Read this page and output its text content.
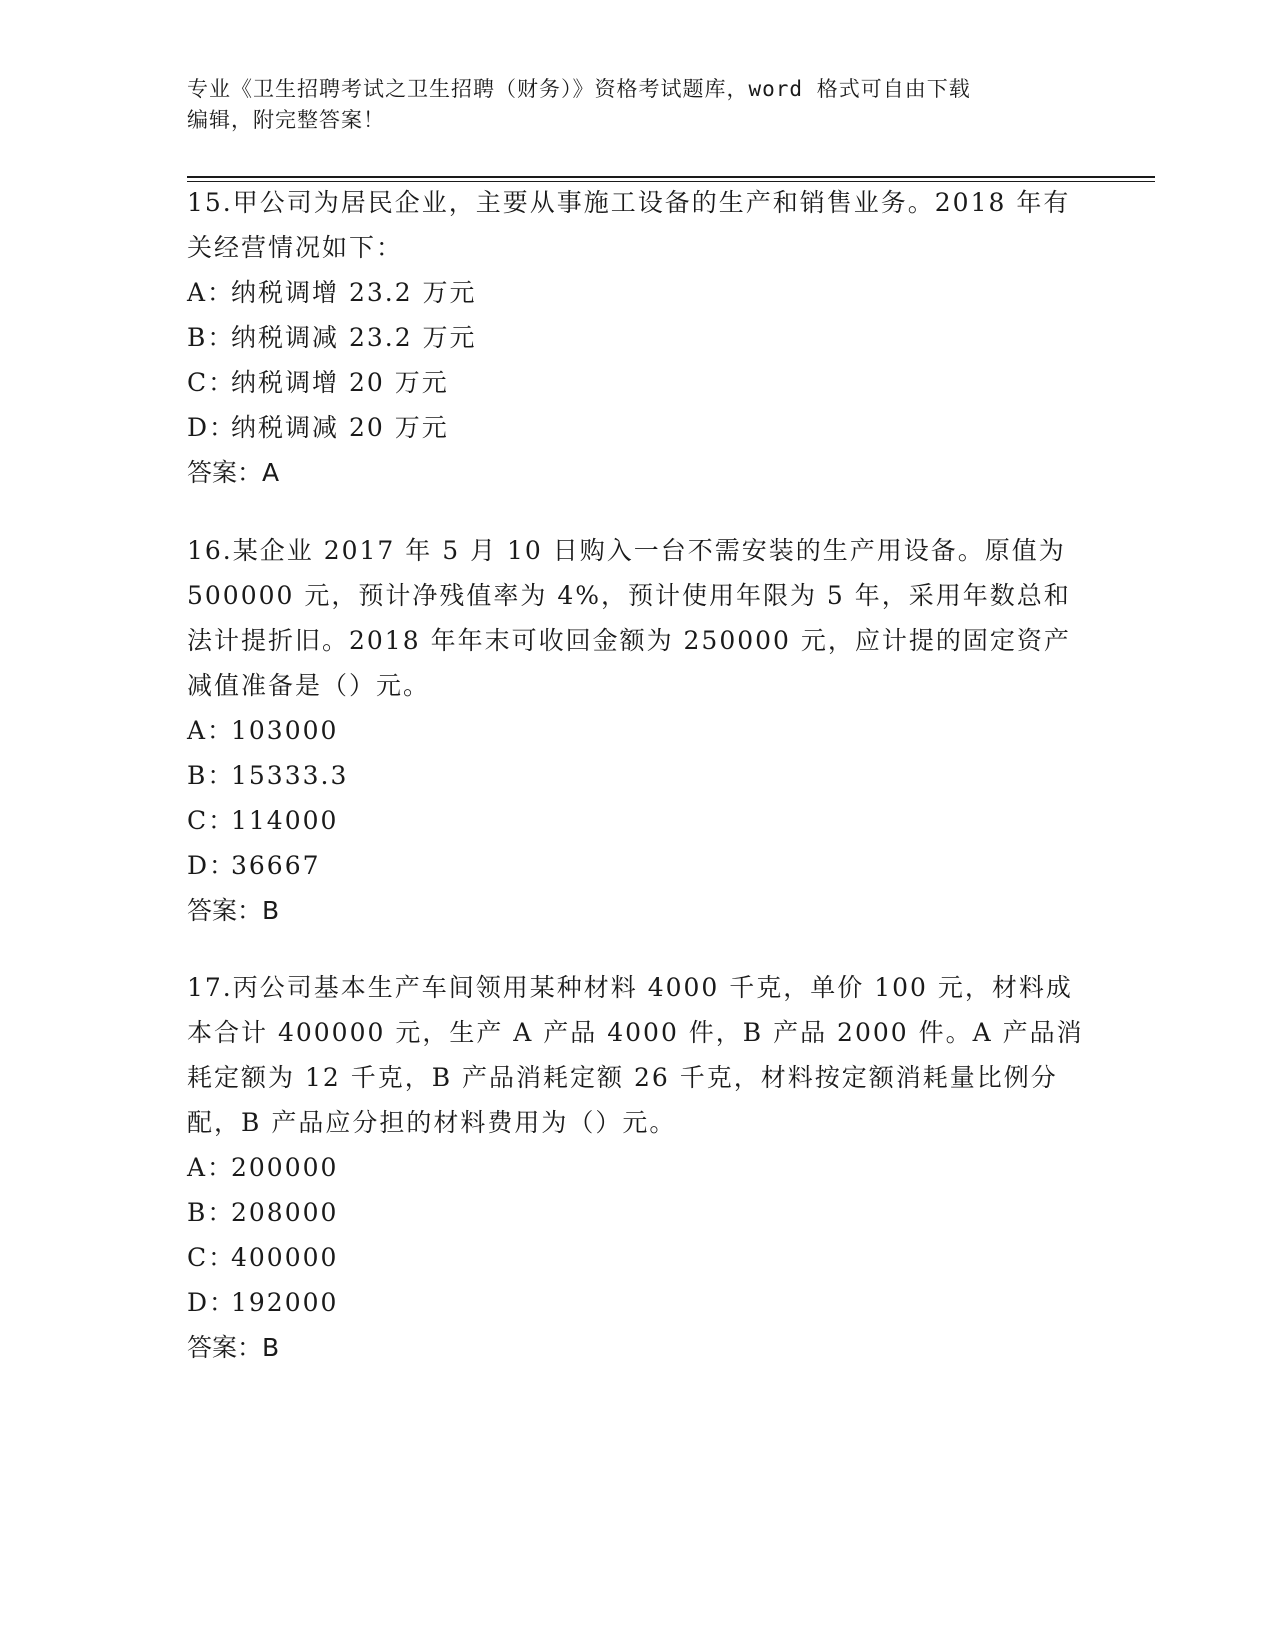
专业《卫生招聘考试之卫生招聘（财务）》资格考试题库，word 格式可自由下载
编辑，附完整答案！

15.甲公司为居民企业，主要从事施工设备的生产和销售业务。2018 年有关经营情况如下：

A：纳税调增 23.2 万元
B：纳税调减 23.2 万元
C：纳税调增 20 万元
D：纳税调减 20 万元

答案：A

16.某企业 2017 年 5 月 10 日购入一台不需安装的生产用设备。原值为 500000 元，预计净残值率为 4%，预计使用年限为 5 年，采用年数总和法计提折旧。2018 年年末可收回金额为 250000 元，应计提的固定资产减值准备是（）元。

A：103000
B：15333.3
C：114000
D：36667

答案：B

17.丙公司基本生产车间领用某种材料 4000 千克，单价 100 元，材料成本合计 400000 元，生产 A 产品 4000 件，B 产品 2000 件。A 产品消耗定额为 12 千克，B 产品消耗定额 26 千克，材料按定额消耗量比例分配，B 产品应分担的材料费用为（）元。

A：200000
B：208000
C：400000
D：192000

答案：B
